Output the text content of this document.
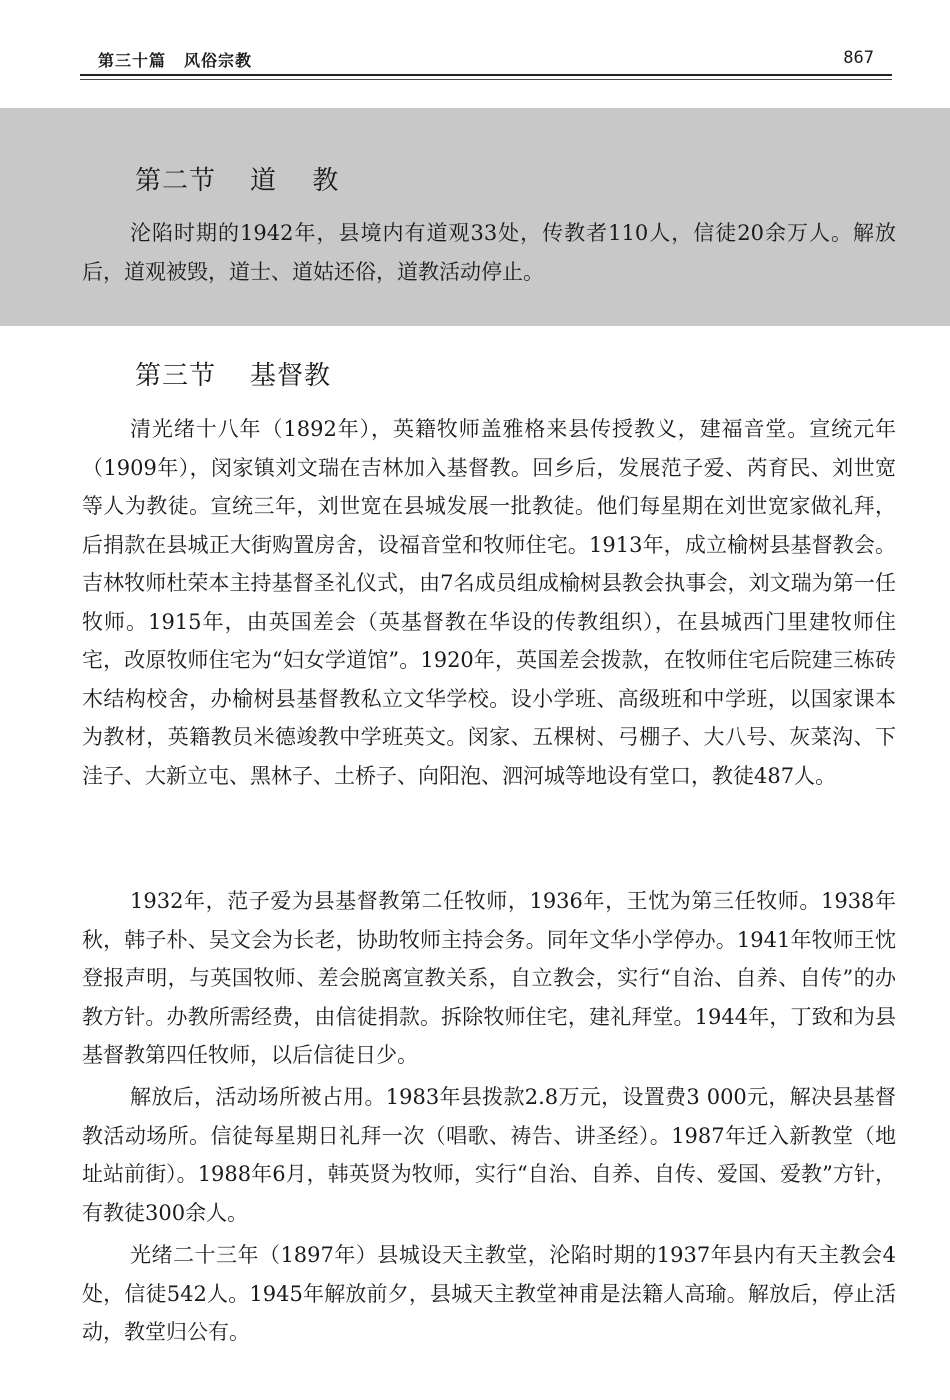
第三十篇 风俗宗教	867
第二节 道 教

沦陷时期的1942年，县境内有道观33处，传教者110人，信徒20余万人。解放后，道观被毁，道士、道姑还俗，道教活动停止。

第三节 基督教

清光绪十八年（1892年），英籍牧师盖雅格来县传授教义，建福音堂。宣统元年（1909年），闵家镇刘文瑞在吉林加入基督教。回乡后，发展范子爱、芮育民、刘世宽等人为教徒。宣统三年，刘世宽在县城发展一批教徒。他们每星期在刘世宽家做礼拜，后捐款在县城正大街购置房舍，设福音堂和牧师住宅。1913年，成立榆树县基督教会。吉林牧师杜荣本主持基督圣礼仪式，由7名成员组成榆树县教会执事会，刘文瑞为第一任牧师。1915年，由英国差会（英基督教在华设的传教组织），在县城西门里建牧师住宅，改原牧师住宅为“妇女学道馆”。1920年，英国差会拨款，在牧师住宅后院建三栋砖木结构校舍，办榆树县基督教私立文华学校。设小学班、高级班和中学班，以国家课本为教材，英籍教员米德竣教中学班英文。闵家、五棵树、弓棚子、大八号、灰菜沟、下洼子、大新立屯、黑林子、土桥子、向阳泡、泗河城等地设有堂口，教徒487人。

1932年，范子爱为县基督教第二任牧师，1936年，王忱为第三任牧师。1938年秋，韩子朴、吴文会为长老，协助牧师主持会务。同年文华小学停办。1941年牧师王忱登报声明，与英国牧师、差会脱离宣教关系，自立教会，实行“自治、自养、自传”的办教方针。办教所需经费，由信徒捐款。拆除牧师住宅，建礼拜堂。1944年，丁致和为县基督教第四任牧师，以后信徒日少。

解放后，活动场所被占用。1983年县拨款2.8万元，设置费3 000元，解决县基督教活动场所。信徒每星期日礼拜一次（唱歌、祷告、讲圣经）。1987年迁入新教堂（地址站前街）。1988年6月，韩英贤为牧师，实行“自治、自养、自传、爱国、爱教”方针，有教徒300余人。

光绪二十三年（1897年）县城设天主教堂，沦陷时期的1937年县内有天主教会4处，信徒542人。1945年解放前夕，县城天主教堂神甫是法籍人高瑜。解放后，停止活动，教堂归公有。
